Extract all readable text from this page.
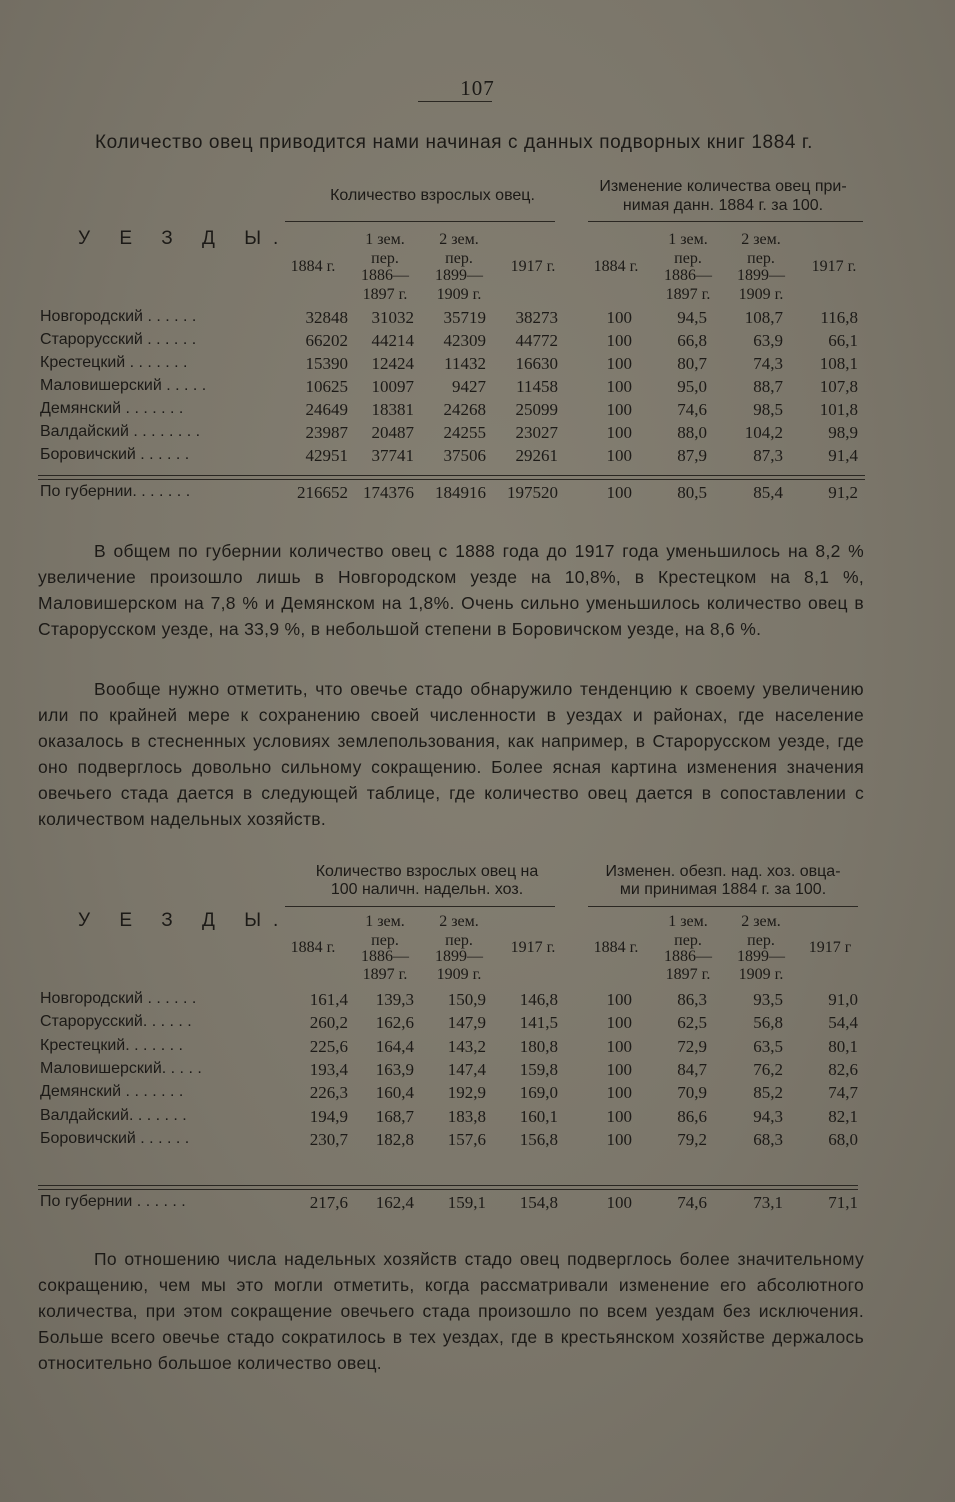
107
Количество овец приводится нами начиная с данных подворных книг 1884 г.
Количество взрослых овец.
Изменение количества овец при-
нимая данн. 1884 г. за 100.
У Е З Д Ы.
1884 г.
1 зем.
пер.
1886—
1897 г.
2 зем.
пер.
1899—
1909 г.
1917 г.	1884 г.
1 зем.
пер.
1886—
1897 г.
2 зем.
пер.
1899—
1909 г.
1917 г.
Новгородский . . . . . .	32848	31032	35719	38273	100	94,5	108,7	116,8
Старорусский . . . . . .	66202	44214	42309	44772	100	66,8	63,9	66,1
Крестецкий . . . . . . .	15390	12424	11432	16630	100	80,7	74,3	108,1
Маловишерский . . . . .	10625	10097	9427	11458	100	95,0	88,7	107,8
Демянский . . . . . . .	24649	18381	24268	25099	100	74,6	98,5	101,8
Валдайский . . . . . . . .	23987	20487	24255	23027	100	88,0	104,2	98,9
Боровичский . . . . . .	42951	37741	37506	29261	100	87,9	87,3	91,4
По губернии. . . . . . .	216652 174376	184916	197520	100	80,5	85,4	91,2
В общем по губернии количество овец с 1888 года до 1917 года уменьшилось на 8,2 % увеличение произошло лишь в Новгородском уезде на 10,8%, в Крестецком на 8,1 %, Маловишерском на 7,8 % и Демянском на 1,8%. Очень сильно уменьшилось количество овец в Старорусском уезде, на 33,9 %, в небольшой степени в Боровичском уезде, на 8,6 %.
Вообще нужно отметить, что овечье стадо обнаружило тенденцию к своему увеличению или по крайней мере к сохранению своей численности в уездах и районах, где население оказалось в стесненных условиях землепользования, как например, в Старорусском уезде, где оно подверглось довольно сильному сокращению. Более ясная картина изменения значения овечьего стада дается в следующей таблице, где количество овец дается в сопоставлении с количеством надельных хозяйств.
Количество взрослых овец на
100 наличн. надельн. хоз.
Изменен. обезп. над. хоз. овца-
ми принимая 1884 г. за 100.
У Е З Д Ы.
1884 г.
1 зем.
пер.
1886—
1897 г.
2 зем.
пер.
1899—
1909 г.
1917 г.	1884 г.
1 зем.
пер.
1886—
1897 г.
2 зем.
пер.
1899—
1909 г.
1917 г
Новгородский . . . . . .	161,4	139,3	150,9	146,8	100	86,3	93,5	91,0
Старорусский. . . . . .	260,2	162,6	147,9	141,5	100	62,5	56,8	54,4
Крестецкий. . . . . . .	225,6	164,4	143,2	180,8	100	72,9	63,5	80,1
Маловишерский. . . . .	193,4	163,9	147,4	159,8	100	84,7	76,2	82,6
Демянский . . . . . . .	226,3	160,4	192,9	169,0	100	70,9	85,2	74,7
Валдайский. . . . . . .	194,9	168,7	183,8	160,1	100	86,6	94,3	82,1
Боровичский . . . . . .	230,7	182,8	157,6	156,8	100	79,2	68,3	68,0
По губернии . . . . . .	217,6	162,4	159,1	154,8	100	74,6	73,1	71,1
По отношению числа надельных хозяйств стадо овец подверглось более значительному сокращению, чем мы это могли отметить, когда рассматривали изменение его абсолютного количества, при этом сокращение овечьего стада произошло по всем уездам без исключения. Больше всего овечье стадо сократилось в тех уездах, где в крестьянском хозяйстве держалось относительно большое количество овец.
